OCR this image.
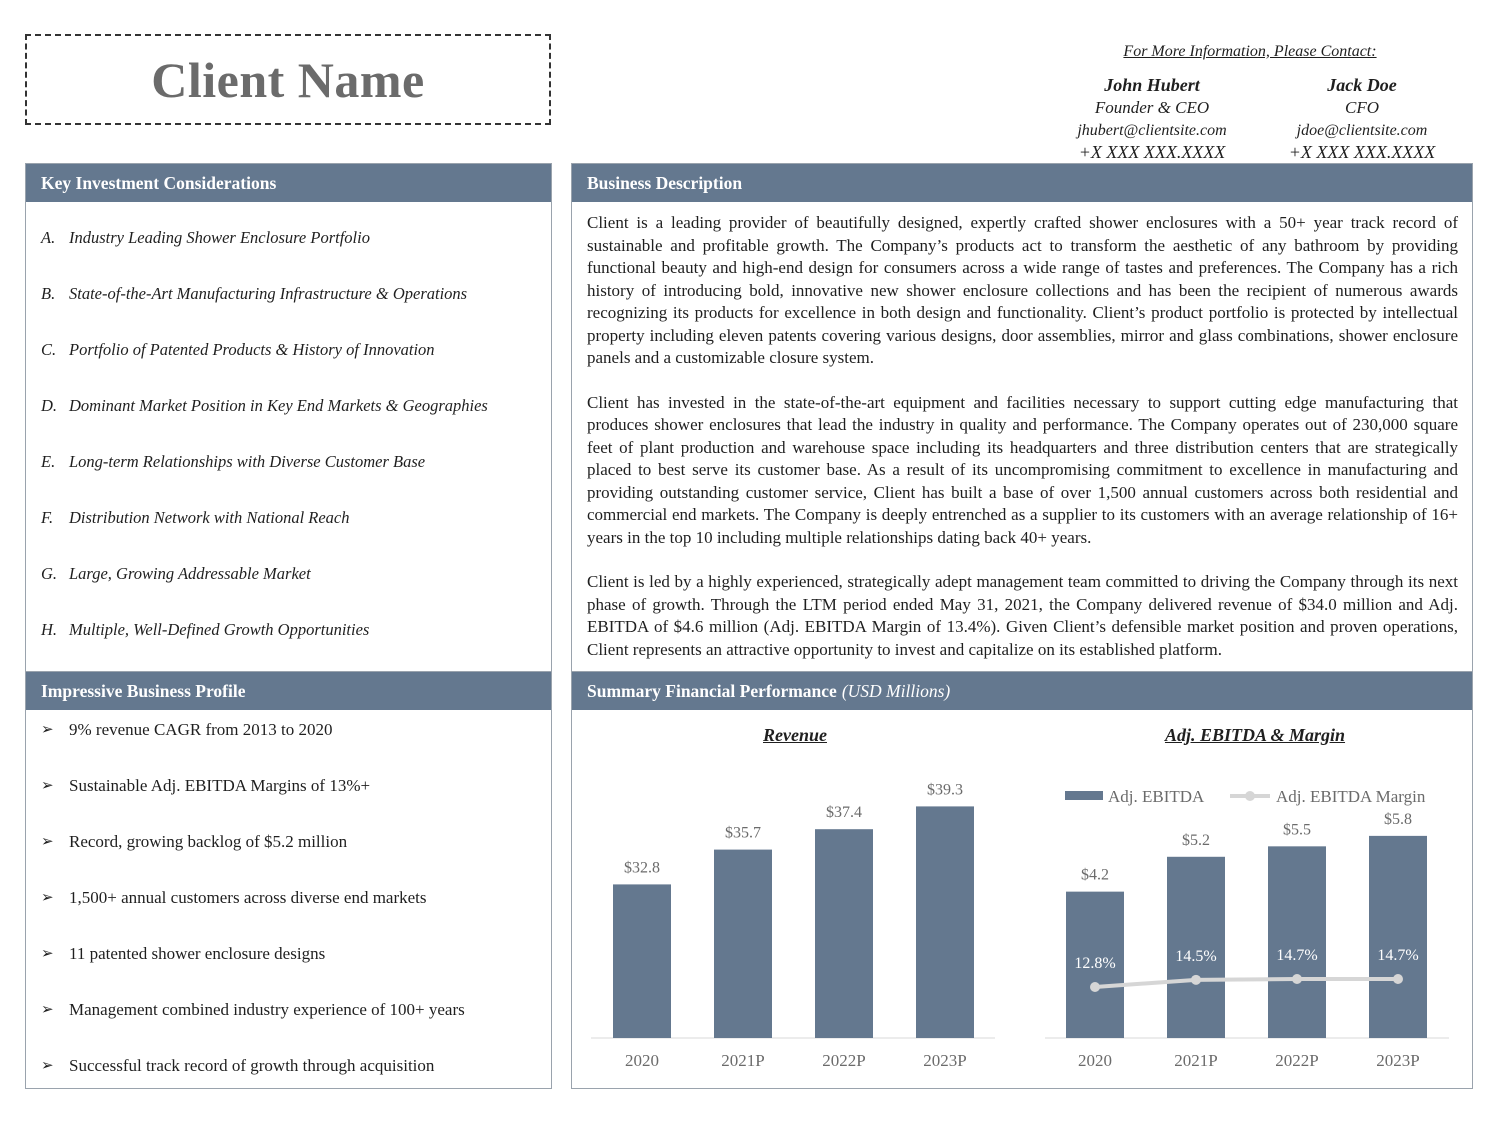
Client Name	For More Information, Please Contact:
John Hubert
Founder & CEO
jhubert@clientsite.com
+X XXX XXX.XXXX
Jack Doe
CFO
jdoe@clientsite.com
+X XXX XXX.XXXX
Key Investment Considerations
A. Industry Leading Shower Enclosure Portfolio
B. State-of-the-Art Manufacturing Infrastructure & Operations
C. Portfolio of Patented Products & History of Innovation
D. Dominant Market Position in Key End Markets & Geographies
E. Long-term Relationships with Diverse Customer Base
F. Distribution Network with National Reach
G. Large, Growing Addressable Market
H. Multiple, Well-Defined Growth Opportunities
Business Description

Client is a leading provider of beautifully designed, expertly crafted shower enclosures with a 50+ year track record of sustainable and profitable growth. The Company’s products act to transform the aesthetic of any bathroom by providing functional beauty and high-end design for consumers across a wide range of tastes and preferences. The Company has a rich history of introducing bold, innovative new shower enclosure collections and has been the recipient of numerous awards recognizing its products for excellence in both design and functionality. Client’s product portfolio is protected by intellectual property including eleven patents covering various designs, door assemblies, mirror and glass combinations, shower enclosure panels and a customizable closure system.

Client has invested in the state-of-the-art equipment and facilities necessary to support cutting edge manufacturing that produces shower enclosures that lead the industry in quality and performance. The Company operates out of 230,000 square feet of plant production and warehouse space including its headquarters and three distribution centers that are strategically placed to best serve its customer base. As a result of its uncompromising commitment to excellence in manufacturing and providing outstanding customer service, Client has built a base of over 1,500 annual customers across both residential and commercial end markets. The Company is deeply entrenched as a supplier to its customers with an average relationship of 16+ years in the top 10 including multiple relationships dating back 40+ years.

Client is led by a highly experienced, strategically adept management team committed to driving the Company through its next phase of growth. Through the LTM period ended May 31, 2021, the Company delivered revenue of $34.0 million and Adj. EBITDA of $4.6 million (Adj. EBITDA Margin of 13.4%). Given Client’s defensible market position and proven operations, Client represents an attractive opportunity to invest and capitalize on its established platform.

Impressive Business Profile
➢ 9% revenue CAGR from 2013 to 2020
➢ Sustainable Adj. EBITDA Margins of 13%+
➢ Record, growing backlog of $5.2 million
➢ 1,500+ annual customers across diverse end markets
➢ 11 patented shower enclosure designs
➢ Management combined industry experience of 100+ years
➢ Successful track record of growth through acquisition
Summary Financial Performance (USD Millions)
Revenue	Adj. EBITDA & Margin
$32.8
2020
$35.7
2021P
$37.4
2022P
$39.3
2023P
$4.2
2020
$5.2
2021P
$5.5
2022P
$5.8
2023P
12.8%	14.5%	14.7%	14.7%
Adj. EBITDA	Adj. EBITDA Margin
